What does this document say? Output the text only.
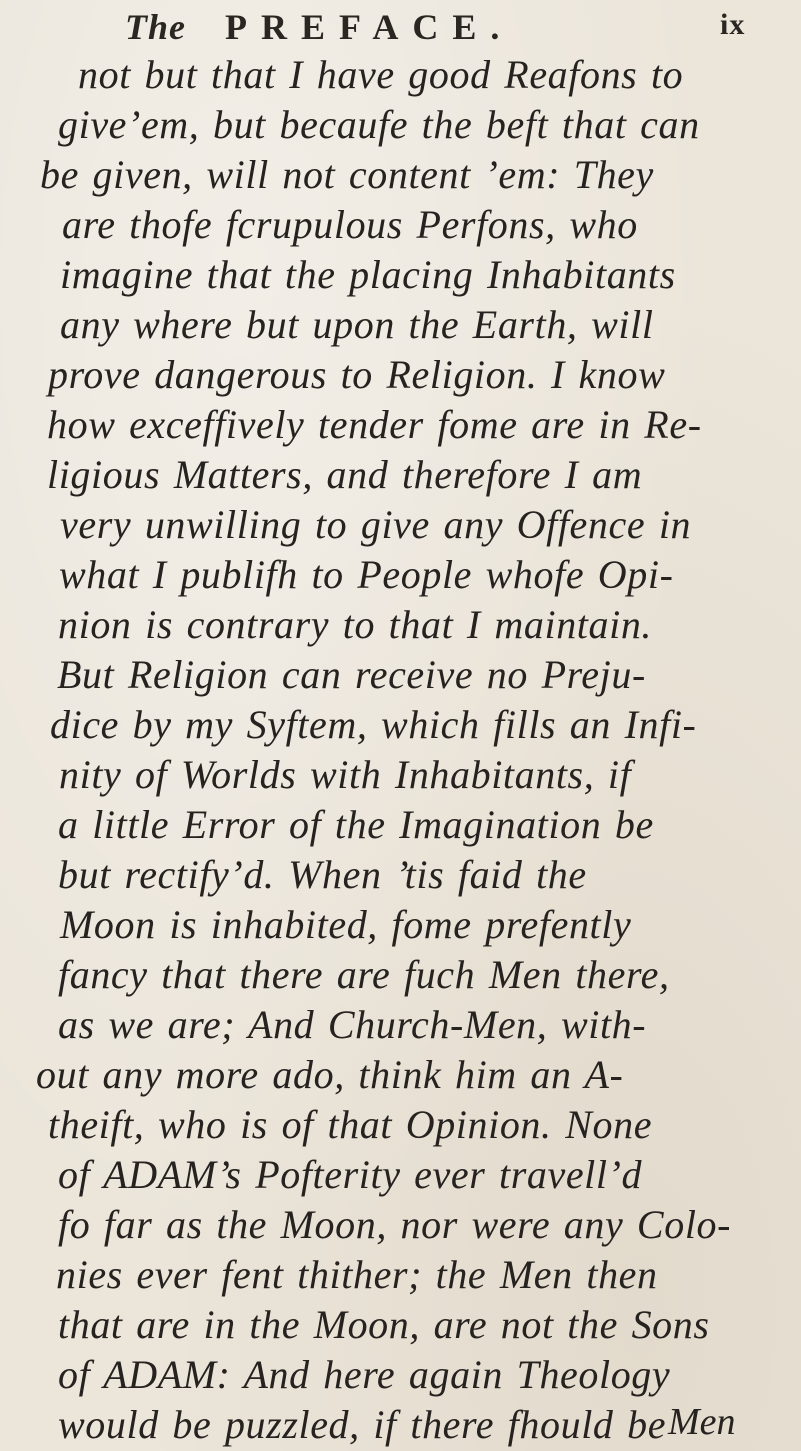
The PREFACE.	ix
not but that I have good Reafons to
give’em, but becaufe the beft that can
be given, will not content ’em: They
are thofe fcrupulous Perfons, who
imagine that the placing Inhabitants
any where but upon the Earth, will
prove dangerous to Religion. I know
how exceffively tender fome are in Re-
ligious Matters, and therefore I am
very unwilling to give any Offence in
what I publifh to People whofe Opi-
nion is contrary to that I maintain.
But Religion can receive no Preju-
dice by my Syftem, which fills an Infi-
nity of Worlds with Inhabitants, if
a little Error of the Imagination be
but rectify’d. When ’tis faid the
Moon is inhabited, fome prefently
fancy that there are fuch Men there,
as we are; And Church-Men, with-
out any more ado, think him an A-
theift, who is of that Opinion. None
of ADAM’s Pofterity ever travell’d
fo far as the Moon, nor were any Colo-
nies ever fent thither; the Men then
that are in the Moon, are not the Sons
of ADAM: And here again Theology
would be puzzled, if there fhould be Men
